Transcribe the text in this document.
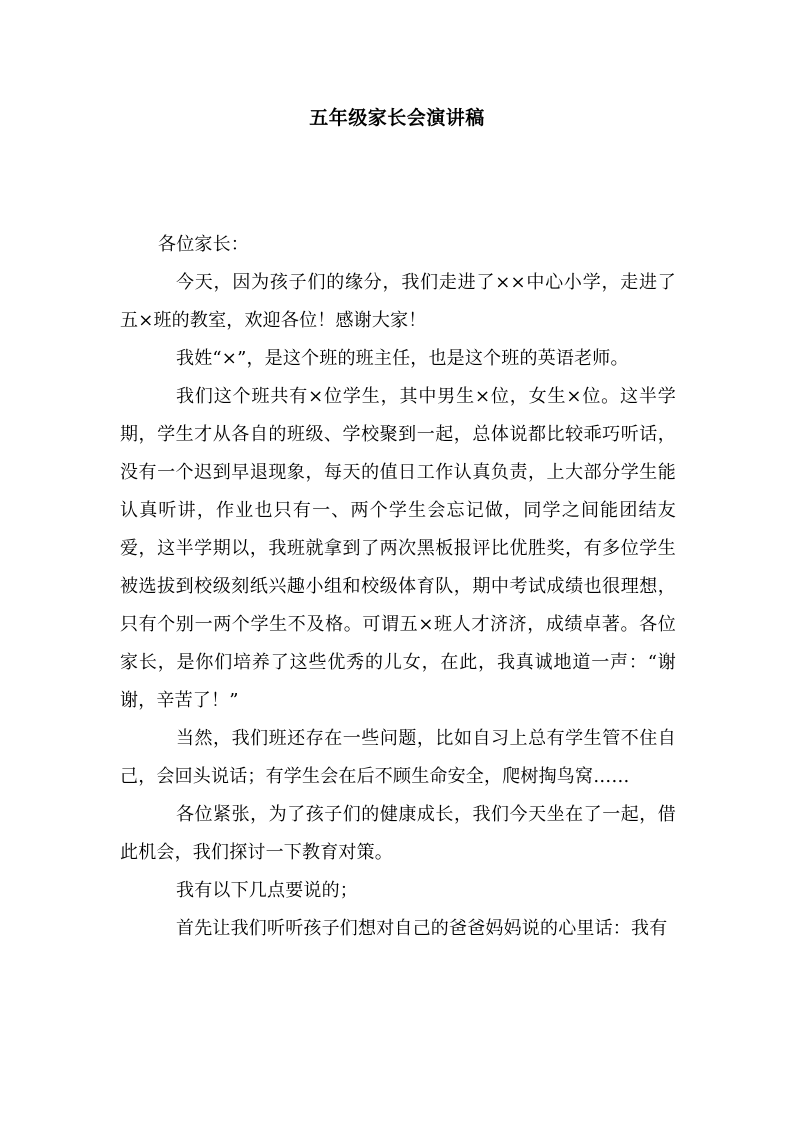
五年级家长会演讲稿

各位家长：

今天，因为孩子们的缘分，我们走进了××中心小学，走进了五×班的教室，欢迎各位！感谢大家！

我姓“×”，是这个班的班主任，也是这个班的英语老师。

我们这个班共有×位学生，其中男生×位，女生×位。这半学期，学生才从各自的班级、学校聚到一起，总体说都比较乖巧听话，没有一个迟到早退现象，每天的值日工作认真负责，上大部分学生能认真听讲，作业也只有一、两个学生会忘记做，同学之间能团结友爱，这半学期以，我班就拿到了两次黑板报评比优胜奖，有多位学生被选拔到校级刻纸兴趣小组和校级体育队，期中考试成绩也很理想，只有个别一两个学生不及格。可谓五×班人才济济，成绩卓著。各位家长，是你们培养了这些优秀的儿女，在此，我真诚地道一声：“谢谢，辛苦了！”

当然，我们班还存在一些问题，比如自习上总有学生管不住自己，会回头说话；有学生会在后不顾生命安全，爬树掏鸟窝……

各位紧张，为了孩子们的健康成长，我们今天坐在了一起，借此机会，我们探讨一下教育对策。

我有以下几点要说的；

首先让我们听听孩子们想对自己的爸爸妈妈说的心里话：我有
